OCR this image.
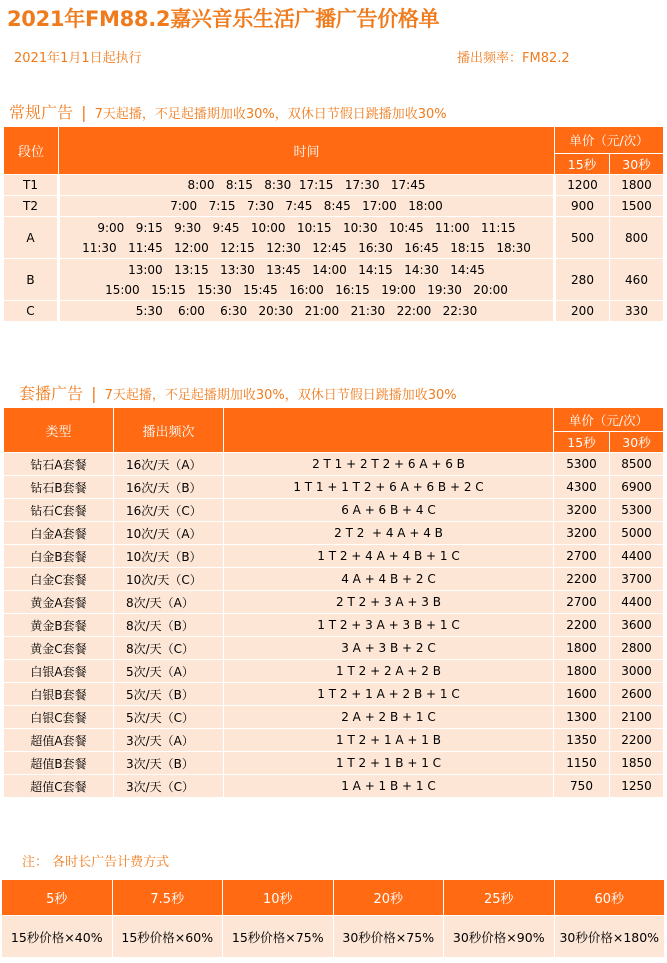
2021年FM88.2嘉兴音乐生活广播广告价格单
2021年1月1日起执行	播出频率：FM82.2
常规广告 | 7天起播，不足起播期加收30%，双休日节假日跳播加收30%
段位	时间	单价（元/次）	
		15秒	30秒
T1	8:00   8:15   8:30  17:15   17:30   17:45	1200	1800
T2	7:00   7:15   7:30   7:45   8:45   17:00   18:00	900	1500
A	9:00   9:15   9:30   9:45   10:00   10:15   10:30   10:45   11:00   11:15
11:30   11:45   12:00   12:15   12:30   12:45   16:30   16:45   18:15   18:30	500	800
B	13:00   13:15   13:30   13:45   14:00   14:15   14:30   14:45
15:00   15:15   15:30   15:45   16:00   16:15   19:00   19:30   20:00	280	460
C	5:30    6:00    6:30   20:30   21:00   21:30   22:00   22:30	200	330
套播广告 | 7天起播，不足起播期加收30%，双休日节假日跳播加收30%
类型	播出频次		单价（元/次）	
			15秒	30秒
钻石A套餐	16次/天（A）	2 T 1 + 2 T 2 + 6 A + 6 B	5300	8500
钻石B套餐	16次/天（B）	1 T 1 + 1 T 2 + 6 A + 6 B + 2 C	4300	6900
钻石C套餐	16次/天（C）	6 A + 6 B + 4 C	3200	5300
白金A套餐	10次/天（A）	2 T 2  + 4 A + 4 B	3200	5000
白金B套餐	10次/天（B）	1 T 2 + 4 A + 4 B + 1 C	2700	4400
白金C套餐	10次/天（C）	4 A + 4 B + 2 C	2200	3700
黄金A套餐	8次/天（A）	2 T 2 + 3 A + 3 B	2700	4400
黄金B套餐	8次/天（B）	1 T 2 + 3 A + 3 B + 1 C	2200	3600
黄金C套餐	8次/天（C）	3 A + 3 B + 2 C	1800	2800
白银A套餐	5次/天（A）	1 T 2 + 2 A + 2 B	1800	3000
白银B套餐	5次/天（B）	1 T 2 + 1 A + 2 B + 1 C	1600	2600
白银C套餐	5次/天（C）	2 A + 2 B + 1 C	1300	2100
超值A套餐	3次/天（A）	1 T 2 + 1 A + 1 B	1350	2200
超值B套餐	3次/天（B）	1 T 2 + 1 B + 1 C	1150	1850
超值C套餐	3次/天（C）	1 A + 1 B + 1 C	750	1250
注： 各时长广告计费方式
5秒	7.5秒	10秒	20秒	25秒	60秒
15秒价格×40%	15秒价格×60%	15秒价格×75%	30秒价格×75%	30秒价格×90%	30秒价格×180%
